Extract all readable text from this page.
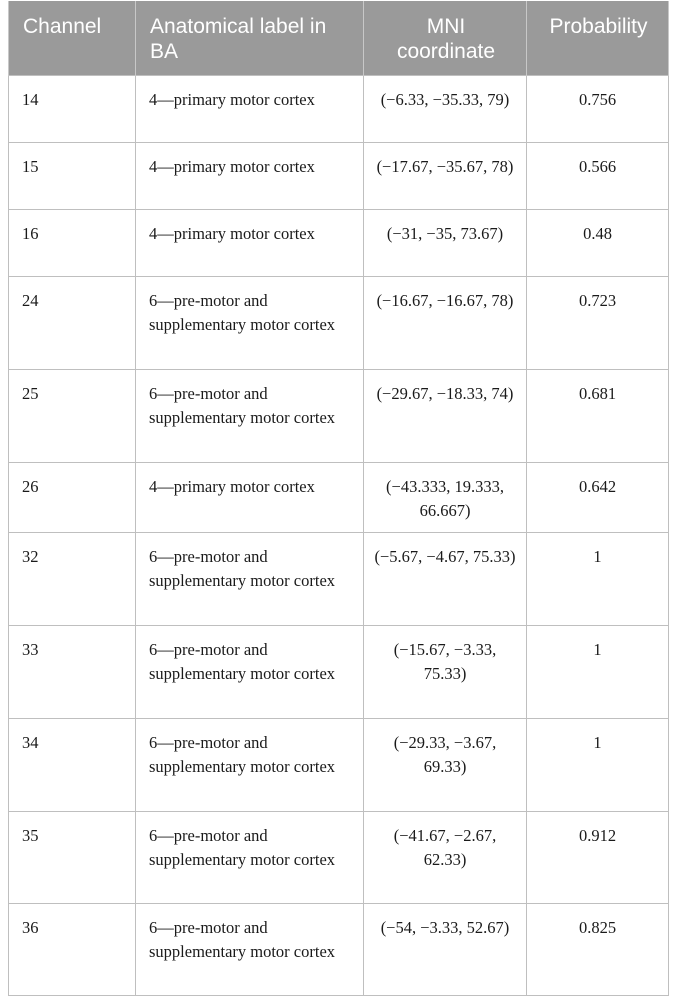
Channel	Anatomical label in BA	MNI coordinate	Probability
14	4—primary motor cortex	(−6.33, −35.33, 79)	0.756
15	4—primary motor cortex	(−17.67, −35.67, 78)	0.566
16	4—primary motor cortex	(−31, −35, 73.67)	0.48
24	6—pre-motor and supplementary motor cortex	(−16.67, −16.67, 78)	0.723
25	6—pre-motor and supplementary motor cortex	(−29.67, −18.33, 74)	0.681
26	4—primary motor cortex	(−43.333, 19.333, 66.667)	0.642
32	6—pre-motor and supplementary motor cortex	(−5.67, −4.67, 75.33)	1
33	6—pre-motor and supplementary motor cortex	(−15.67, −3.33, 75.33)	1
34	6—pre-motor and supplementary motor cortex	(−29.33, −3.67, 69.33)	1
35	6—pre-motor and supplementary motor cortex	(−41.67, −2.67, 62.33)	0.912
36	6—pre-motor and supplementary motor cortex	(−54, −3.33, 52.67)	0.825
